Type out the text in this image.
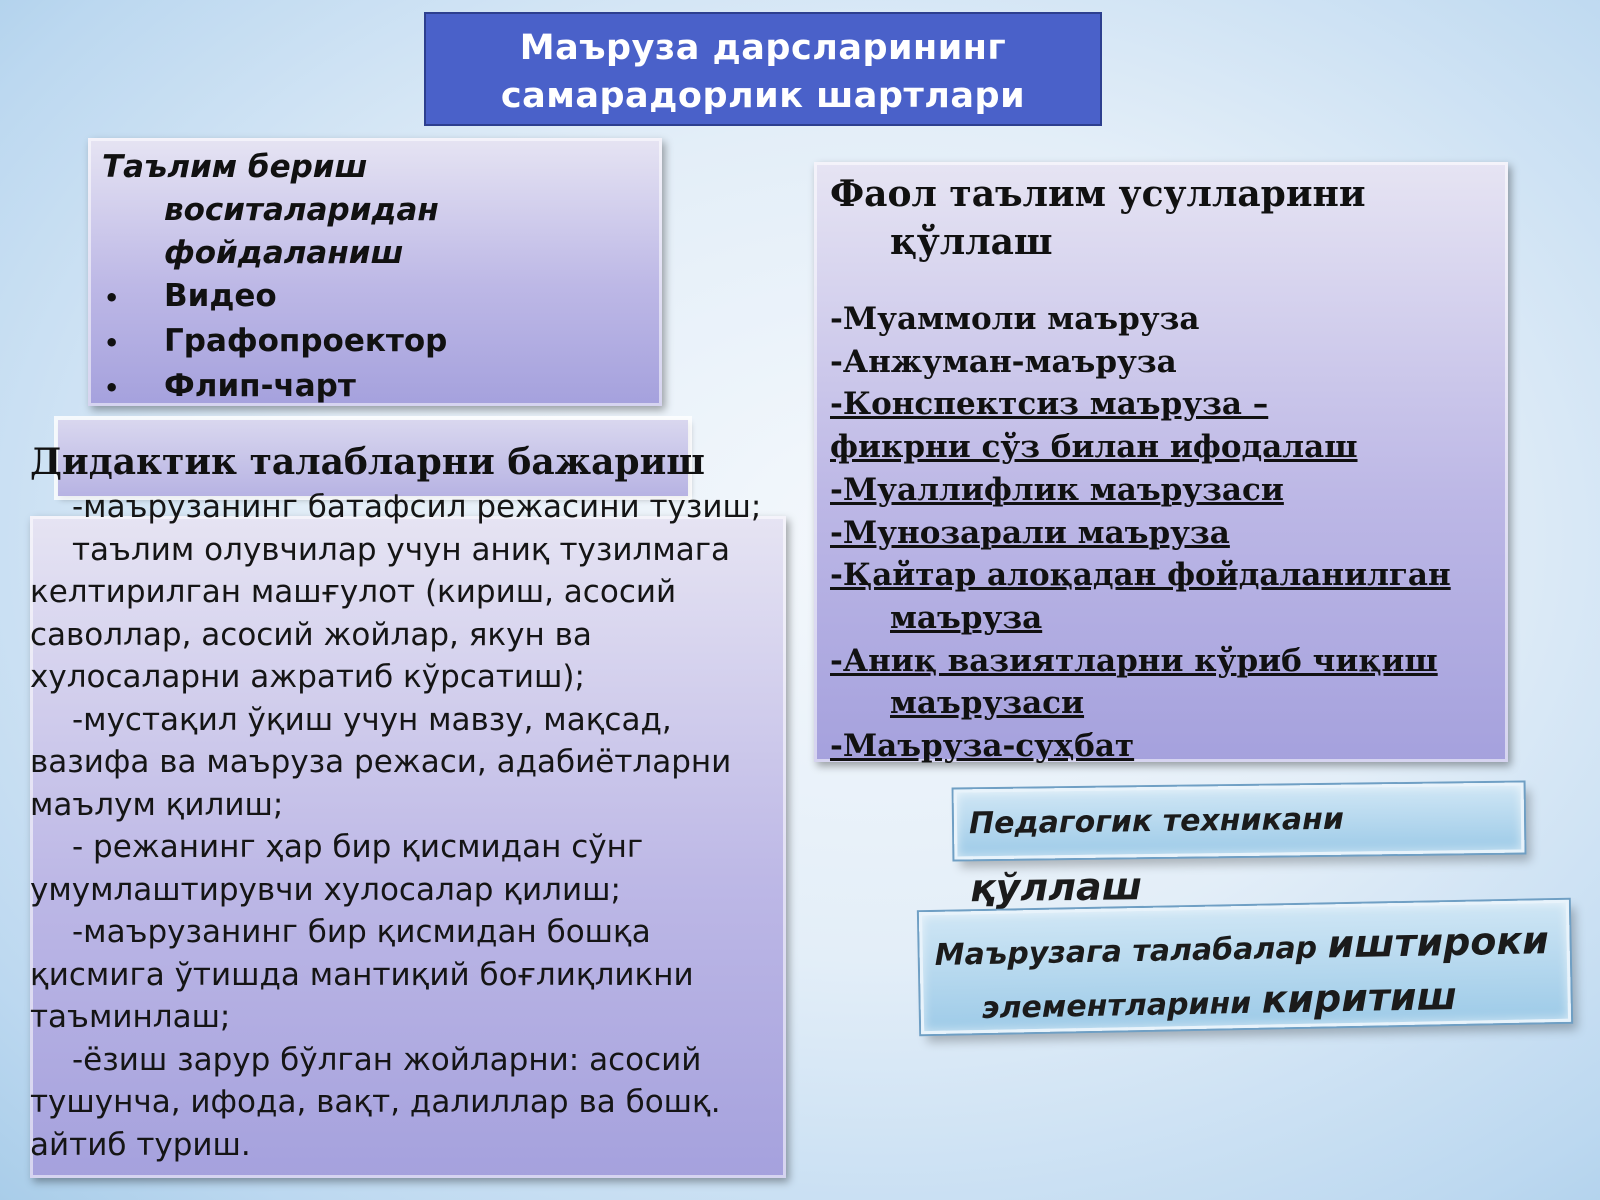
Маъруза дарсларининг
самарадорлик шартлари
Таълим бериш
воситаларидан
фойдаланиш
•
Видео
•
Графопроектор
•
Флип-чарт
•
Дидактик талабларни бажариш

-маърузанинг батафсил режасини тузиш;

таълим олувчилар учун аниқ тузилмага келтирилган машғулот (кириш, асосий саволлар, асосий жойлар, якун ва хулосаларни ажратиб кўрсатиш);

-мустақил ўқиш учун мавзу, мақсад, вазифа ва маъруза режаси, адабиётларни маълум қилиш;

- режанинг ҳар бир қисмидан сўнг умумлаштирувчи хулосалар қилиш;

-маърузанинг бир қисмидан бошқа қисмига ўтишда мантиқий боғлиқликни таъминлаш;

-ёзиш зарур бўлган жойларни: асосий тушунча, ифода, вақт, далиллар ва бошқ. айтиб туриш.

Фаол таълим усулларини
қўллаш
-Муаммоли маъруза
-Анжуман-маъруза
-Конспектсиз маъруза –
фикрни сўз билан ифодалаш
-Муаллифлик маърузаси
-Мунозарали маъруза
-Қайтар алоқадан фойдаланилган
маъруза
-Аниқ вазиятларни кўриб чиқиш
маърузаси
-Маъруза-суҳбат
Педагогик техникани қўллаш
Маърузага талабалар иштироки
элементларини киритиш
